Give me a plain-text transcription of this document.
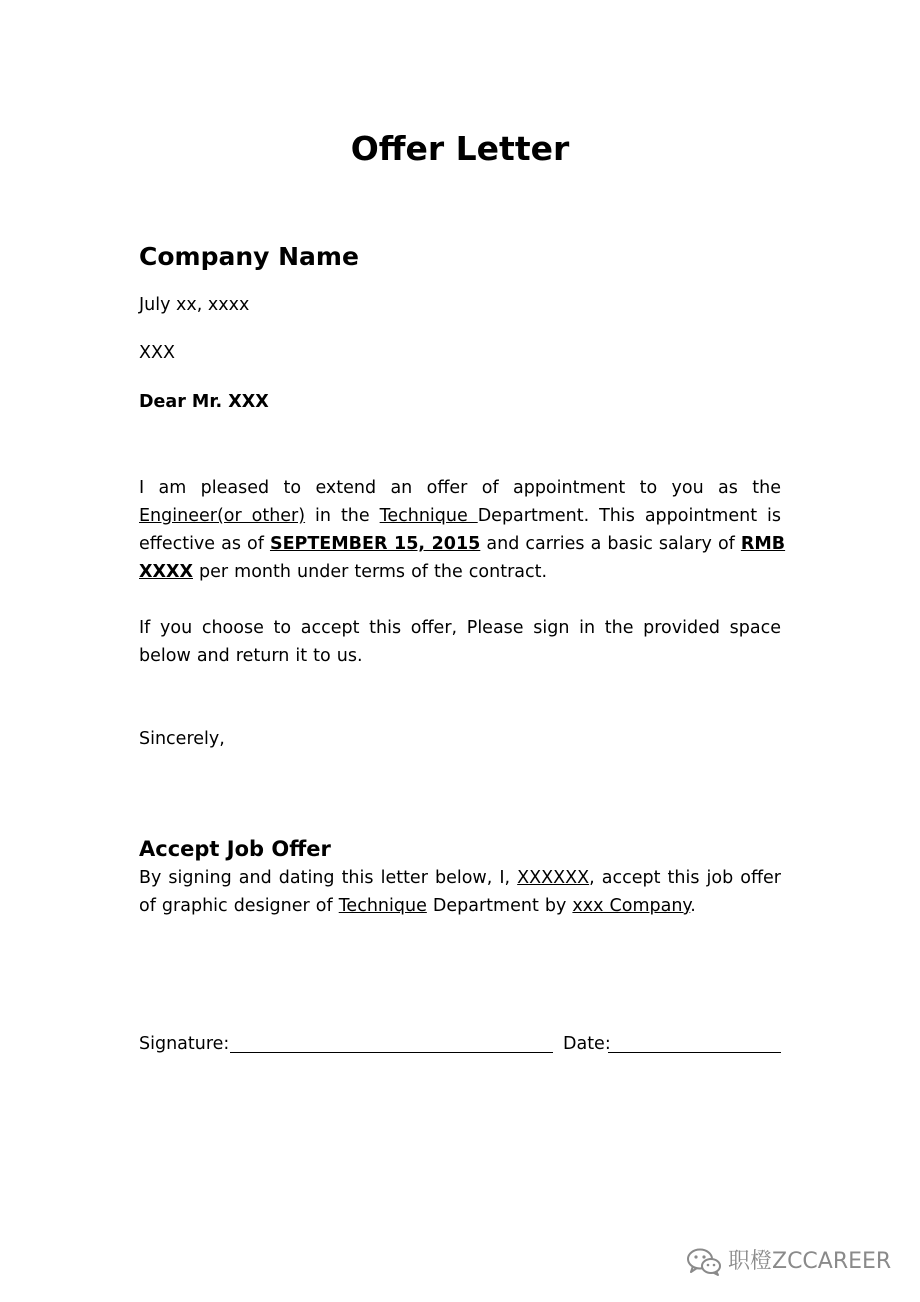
Offer Letter
Company Name
July xx, xxxx
XXX
Dear Mr. XXX
I am pleased to extend an offer of appointment to you as the
Engineer(or other) in the Technique Department. This appointment is
effective as of SEPTEMBER 15, 2015 and carries a basic salary of RMB
XXXX per month under terms of the contract.
If you choose to accept this offer, Please sign in the provided space
below and return it to us.
Sincerely,
Accept Job Offer
By signing and dating this letter below, I, XXXXXX, accept this job offer
of graphic designer of Technique Department by xxx Company.
Signature:	Date:
职橙ZCCAREER
